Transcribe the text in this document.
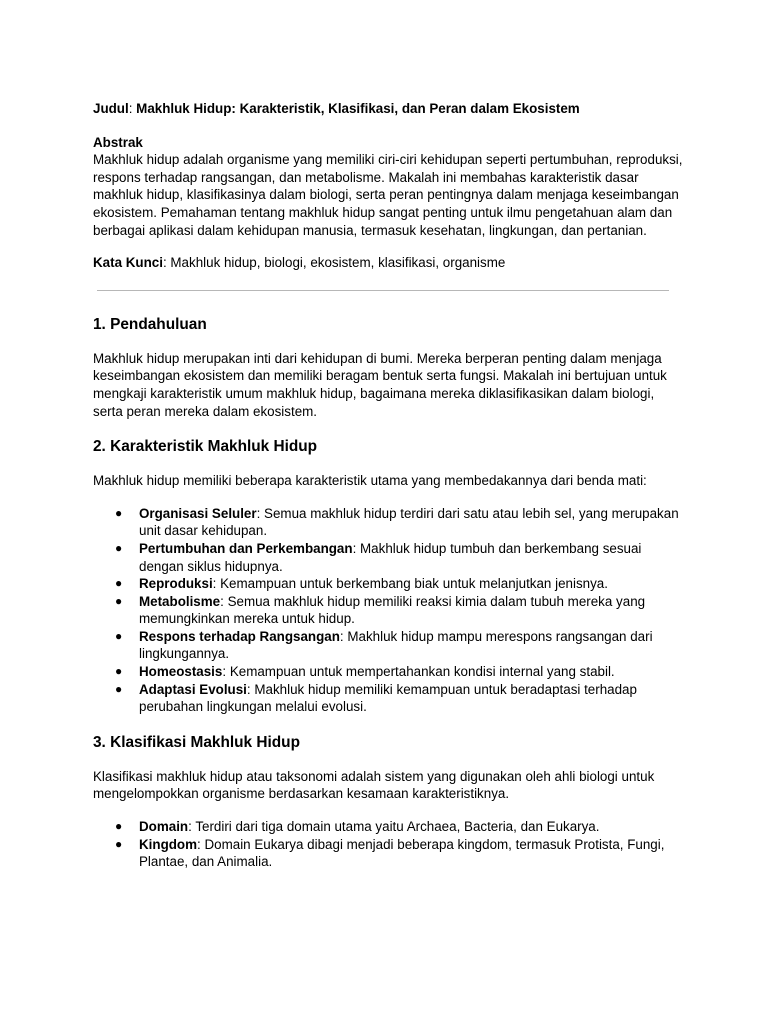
Judul: Makhluk Hidup: Karakteristik, Klasifikasi, dan Peran dalam Ekosistem

Abstrak

Makhluk hidup adalah organisme yang memiliki ciri-ciri kehidupan seperti pertumbuhan, reproduksi, respons terhadap rangsangan, dan metabolisme. Makalah ini membahas karakteristik dasar makhluk hidup, klasifikasinya dalam biologi, serta peran pentingnya dalam menjaga keseimbangan ekosistem. Pemahaman tentang makhluk hidup sangat penting untuk ilmu pengetahuan alam dan berbagai aplikasi dalam kehidupan manusia, termasuk kesehatan, lingkungan, dan pertanian.

Kata Kunci: Makhluk hidup, biologi, ekosistem, klasifikasi, organisme

1. Pendahuluan

Makhluk hidup merupakan inti dari kehidupan di bumi. Mereka berperan penting dalam menjaga keseimbangan ekosistem dan memiliki beragam bentuk serta fungsi. Makalah ini bertujuan untuk mengkaji karakteristik umum makhluk hidup, bagaimana mereka diklasifikasikan dalam biologi, serta peran mereka dalam ekosistem.

2. Karakteristik Makhluk Hidup

Makhluk hidup memiliki beberapa karakteristik utama yang membedakannya dari benda mati:

● Organisasi Seluler: Semua makhluk hidup terdiri dari satu atau lebih sel, yang merupakan unit dasar kehidupan.
● Pertumbuhan dan Perkembangan: Makhluk hidup tumbuh dan berkembang sesuai dengan siklus hidupnya.
● Reproduksi: Kemampuan untuk berkembang biak untuk melanjutkan jenisnya.
● Metabolisme: Semua makhluk hidup memiliki reaksi kimia dalam tubuh mereka yang memungkinkan mereka untuk hidup.
● Respons terhadap Rangsangan: Makhluk hidup mampu merespons rangsangan dari lingkungannya.
● Homeostasis: Kemampuan untuk mempertahankan kondisi internal yang stabil.
● Adaptasi Evolusi: Makhluk hidup memiliki kemampuan untuk beradaptasi terhadap perubahan lingkungan melalui evolusi.
3. Klasifikasi Makhluk Hidup

Klasifikasi makhluk hidup atau taksonomi adalah sistem yang digunakan oleh ahli biologi untuk mengelompokkan organisme berdasarkan kesamaan karakteristiknya.

● Domain: Terdiri dari tiga domain utama yaitu Archaea, Bacteria, dan Eukarya.
● Kingdom: Domain Eukarya dibagi menjadi beberapa kingdom, termasuk Protista, Fungi, Plantae, dan Animalia.
